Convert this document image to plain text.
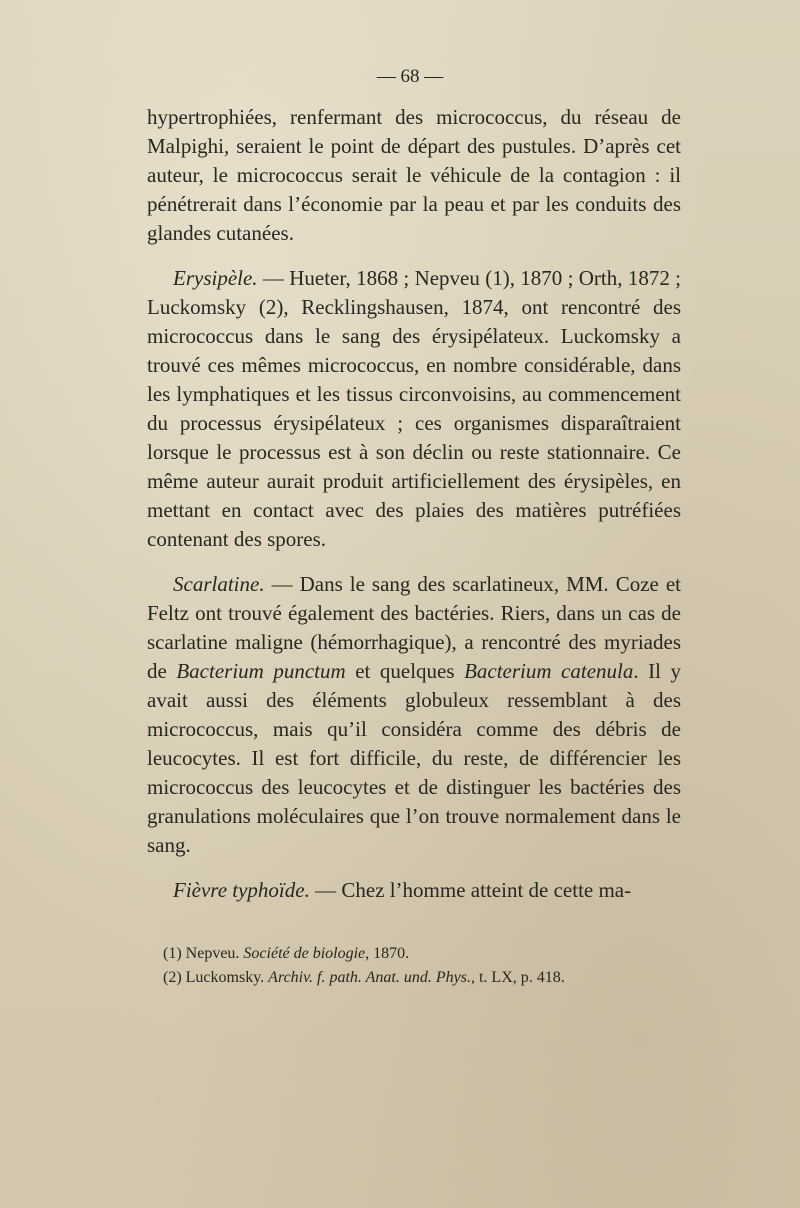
— 68 —

hypertrophiées, renfermant des micrococcus, du réseau de Malpighi, seraient le point de départ des pustules. D’après cet auteur, le micrococcus serait le véhicule de la contagion : il pénétrerait dans l’économie par la peau et par les conduits des glandes cutanées.

Erysipèle. — Hueter, 1868 ; Nepveu (1), 1870 ; Orth, 1872 ; Luckomsky (2), Recklingshausen, 1874, ont rencontré des micrococcus dans le sang des érysipélateux. Luckomsky a trouvé ces mêmes micrococcus, en nombre considérable, dans les lymphatiques et les tissus circonvoisins, au commencement du processus érysipélateux ; ces organismes disparaîtraient lorsque le processus est à son déclin ou reste stationnaire. Ce même auteur aurait produit artificiellement des érysipèles, en mettant en contact avec des plaies des matières putréfiées contenant des spores.

Scarlatine. — Dans le sang des scarlatineux, MM. Coze et Feltz ont trouvé également des bactéries. Riers, dans un cas de scarlatine maligne (hémorrhagique), a rencontré des myriades de Bacterium punctum et quelques Bacterium catenula. Il y avait aussi des éléments globuleux ressemblant à des micrococcus, mais qu’il considéra comme des débris de leucocytes. Il est fort difficile, du reste, de différencier les micrococcus des leucocytes et de distinguer les bactéries des granulations moléculaires que l’on trouve normalement dans le sang.

Fièvre typhoïde. — Chez l’homme atteint de cette ma-

(1) Nepveu. Société de biologie, 1870.

(2) Luckomsky. Archiv. f. path. Anat. und. Phys., t. LX, p. 418.
